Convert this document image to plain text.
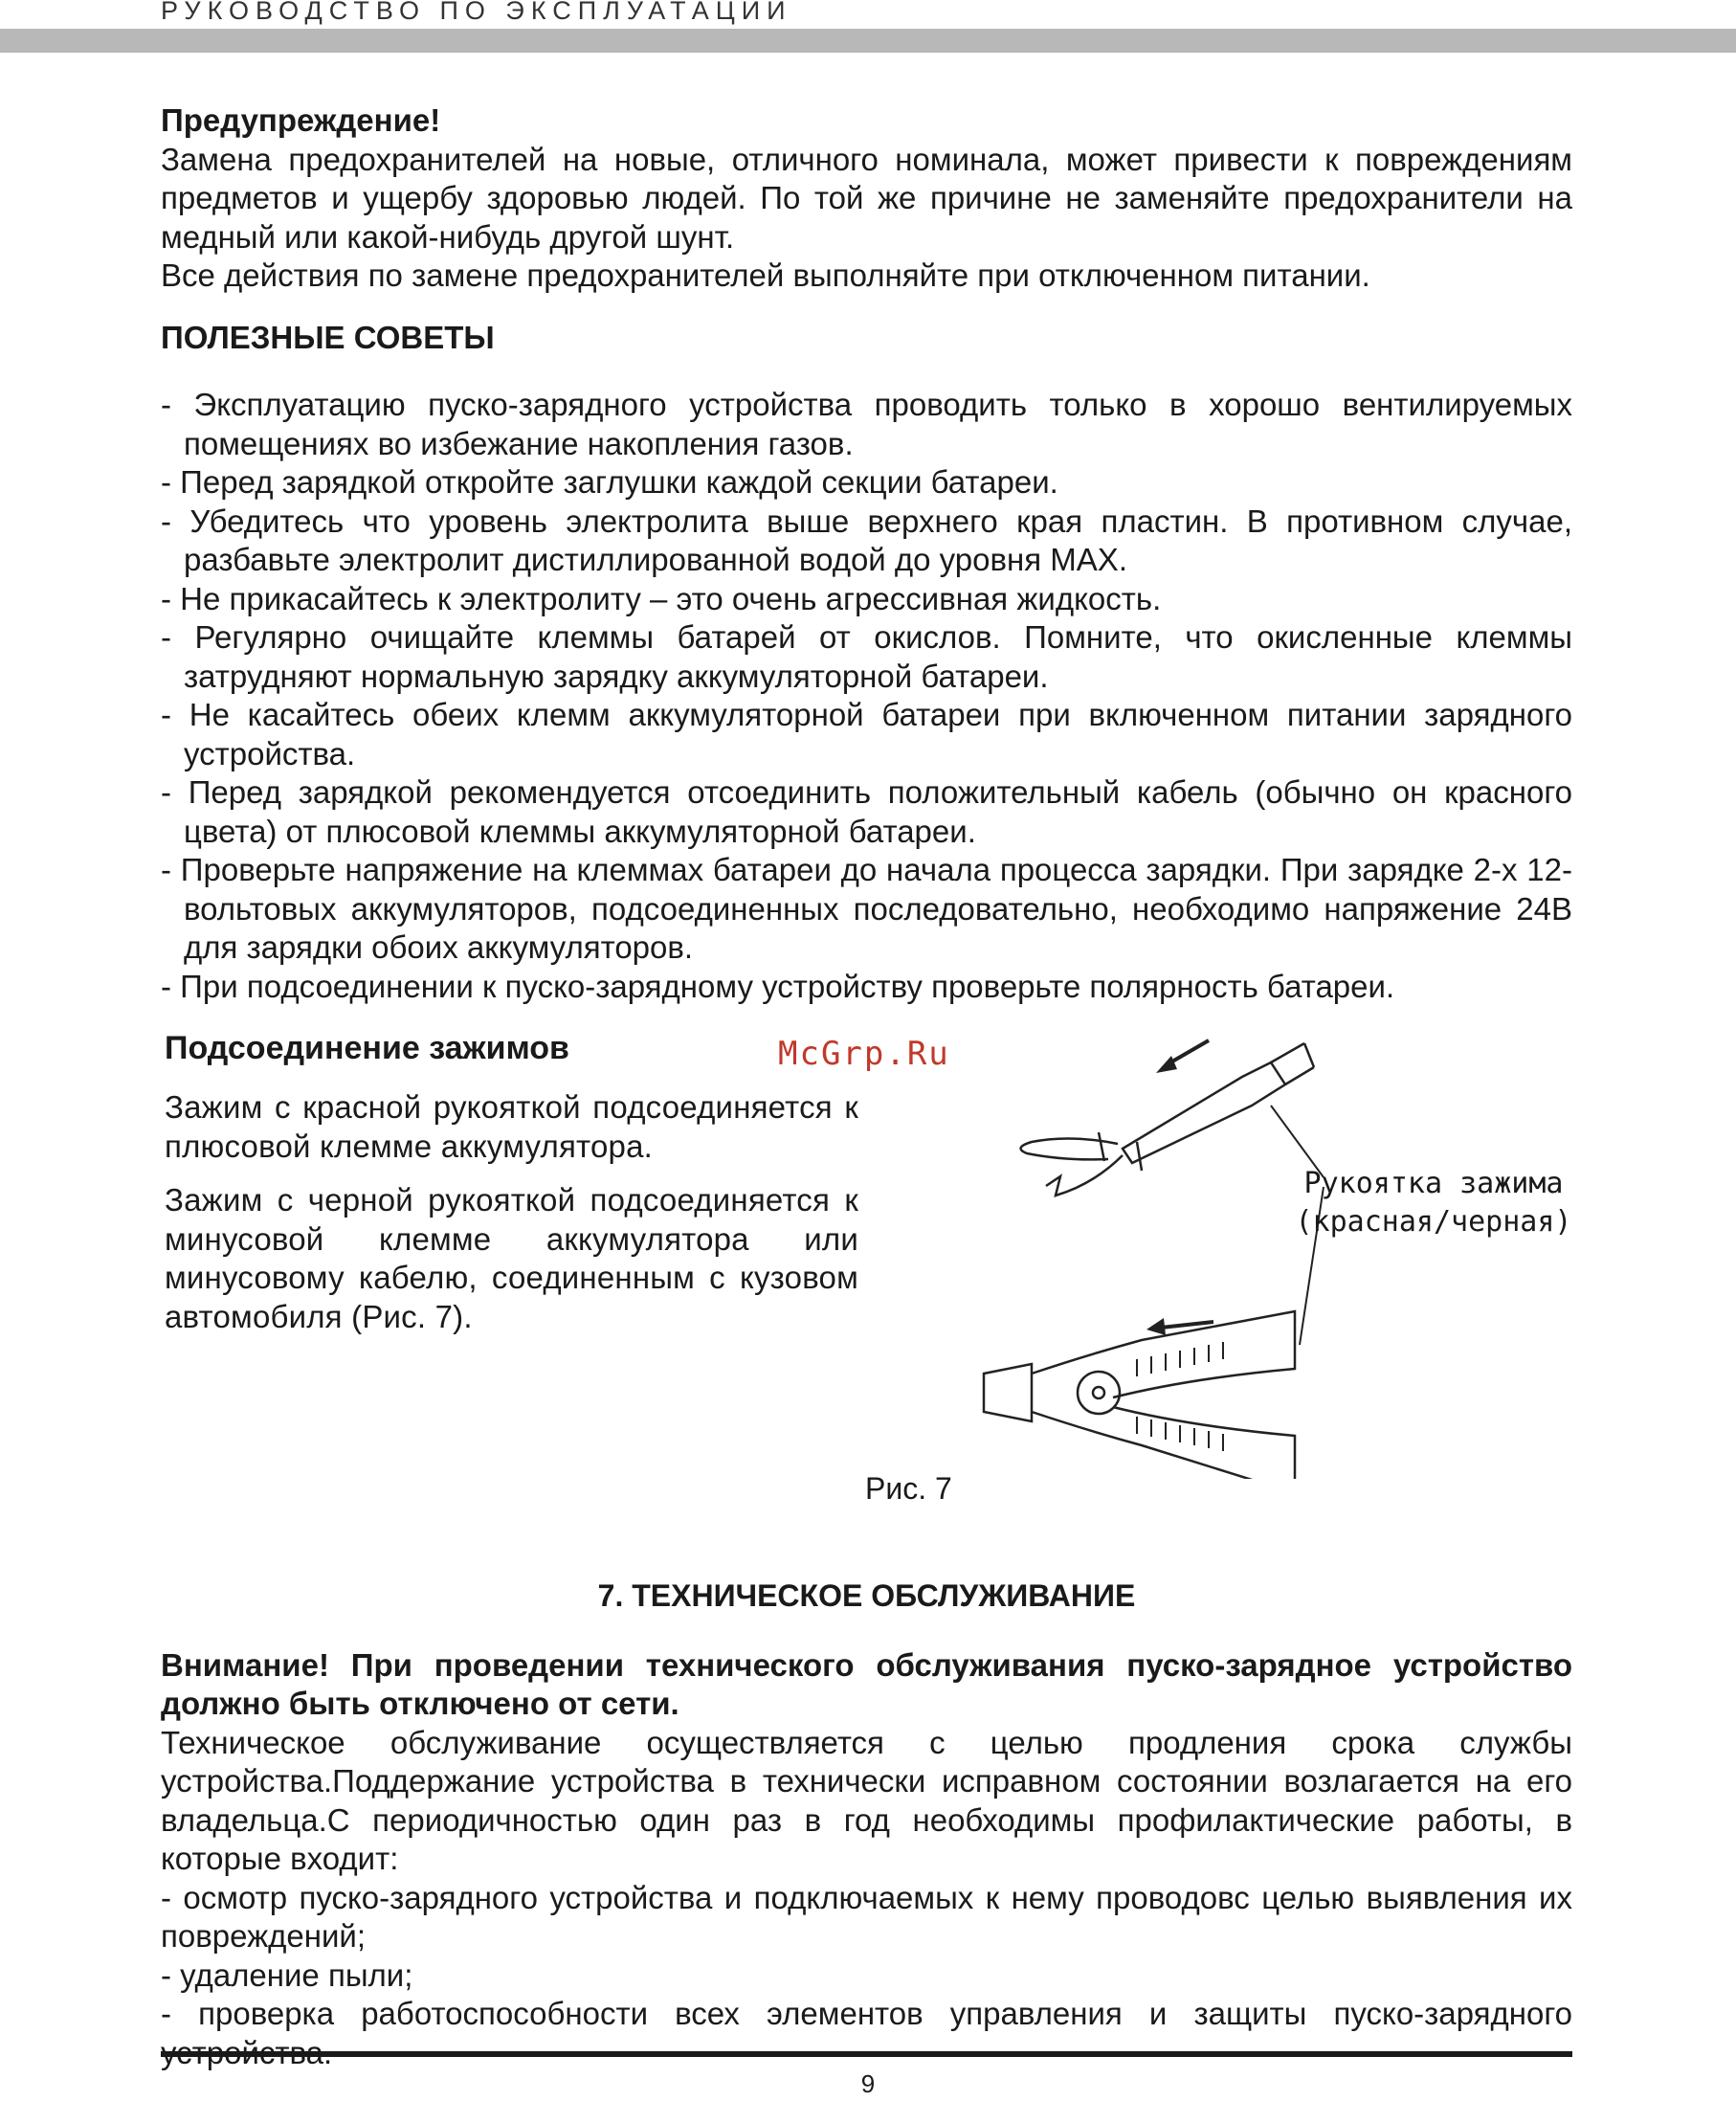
РУКОВОДСТВО ПО ЭКСПЛУАТАЦИИ

Предупреждение!

Замена предохранителей на новые, отличного номинала, может привести к повреждениям предметов и ущербу здоровью людей. По той же причине не заменяйте предохранители на медный или какой-нибудь другой шунт.

Все действия по замене предохранителей выполняйте при отключенном питании.

ПОЛЕЗНЫЕ СОВЕТЫ
- Эксплуатацию пуско-зарядного устройства проводить только в хорошо вентилируемых помещениях во избежание накопления газов.
- Перед зарядкой откройте заглушки каждой секции батареи.
- Убедитесь что уровень электролита выше верхнего края пластин. В противном случае, разбавьте электролит дистиллированной водой до уровня MAX.
- Не прикасайтесь к электролиту – это очень агрессивная жидкость.
- Регулярно очищайте клеммы батарей от окислов. Помните, что окисленные клеммы затрудняют нормальную зарядку аккумуляторной батареи.
- Не касайтесь обеих клемм аккумуляторной батареи при включенном питании зарядного устройства.
- Перед зарядкой рекомендуется отсоединить положительный кабель (обычно он красного цвета) от плюсовой клеммы аккумуляторной батареи.
- Проверьте напряжение на клеммах батареи до начала процесса зарядки. При зарядке 2-х 12-вольтовых аккумуляторов, подсоединенных последовательно, необходимо напряжение 24В для зарядки обоих аккумуляторов.
- При подсоединении к пуско-зарядному устройству проверьте полярность батареи.
Подсоединение зажимов	McGrp.Ru

Зажим с красной рукояткой подсоединяется к плюсовой клемме аккумулятора.

Зажим с черной рукояткой подсоединяется к минусовой клемме аккумулятора или минусовому кабелю, соединенным с кузовом автомобиля (Рис. 7).

Рукоятка зажима
(красная/черная)
Рис. 7
7. ТЕХНИЧЕСКОЕ ОБСЛУЖИВАНИЕ

Внимание! При проведении технического обслуживания пуско-зарядное устройство должно быть отключено от сети.

Техническое обслуживание осуществляется с целью продления срока службы устройства.Поддержание устройства в технически исправном состоянии возлагается на его владельца.С периодичностью один раз в год необходимы профилактические работы, в которые входит:

- осмотр пуско-зарядного устройства и подключаемых к нему проводовс целью выявления их повреждений;

- удаление пыли;

- проверка работоспособности всех элементов управления и защиты пуско-зарядного

9
